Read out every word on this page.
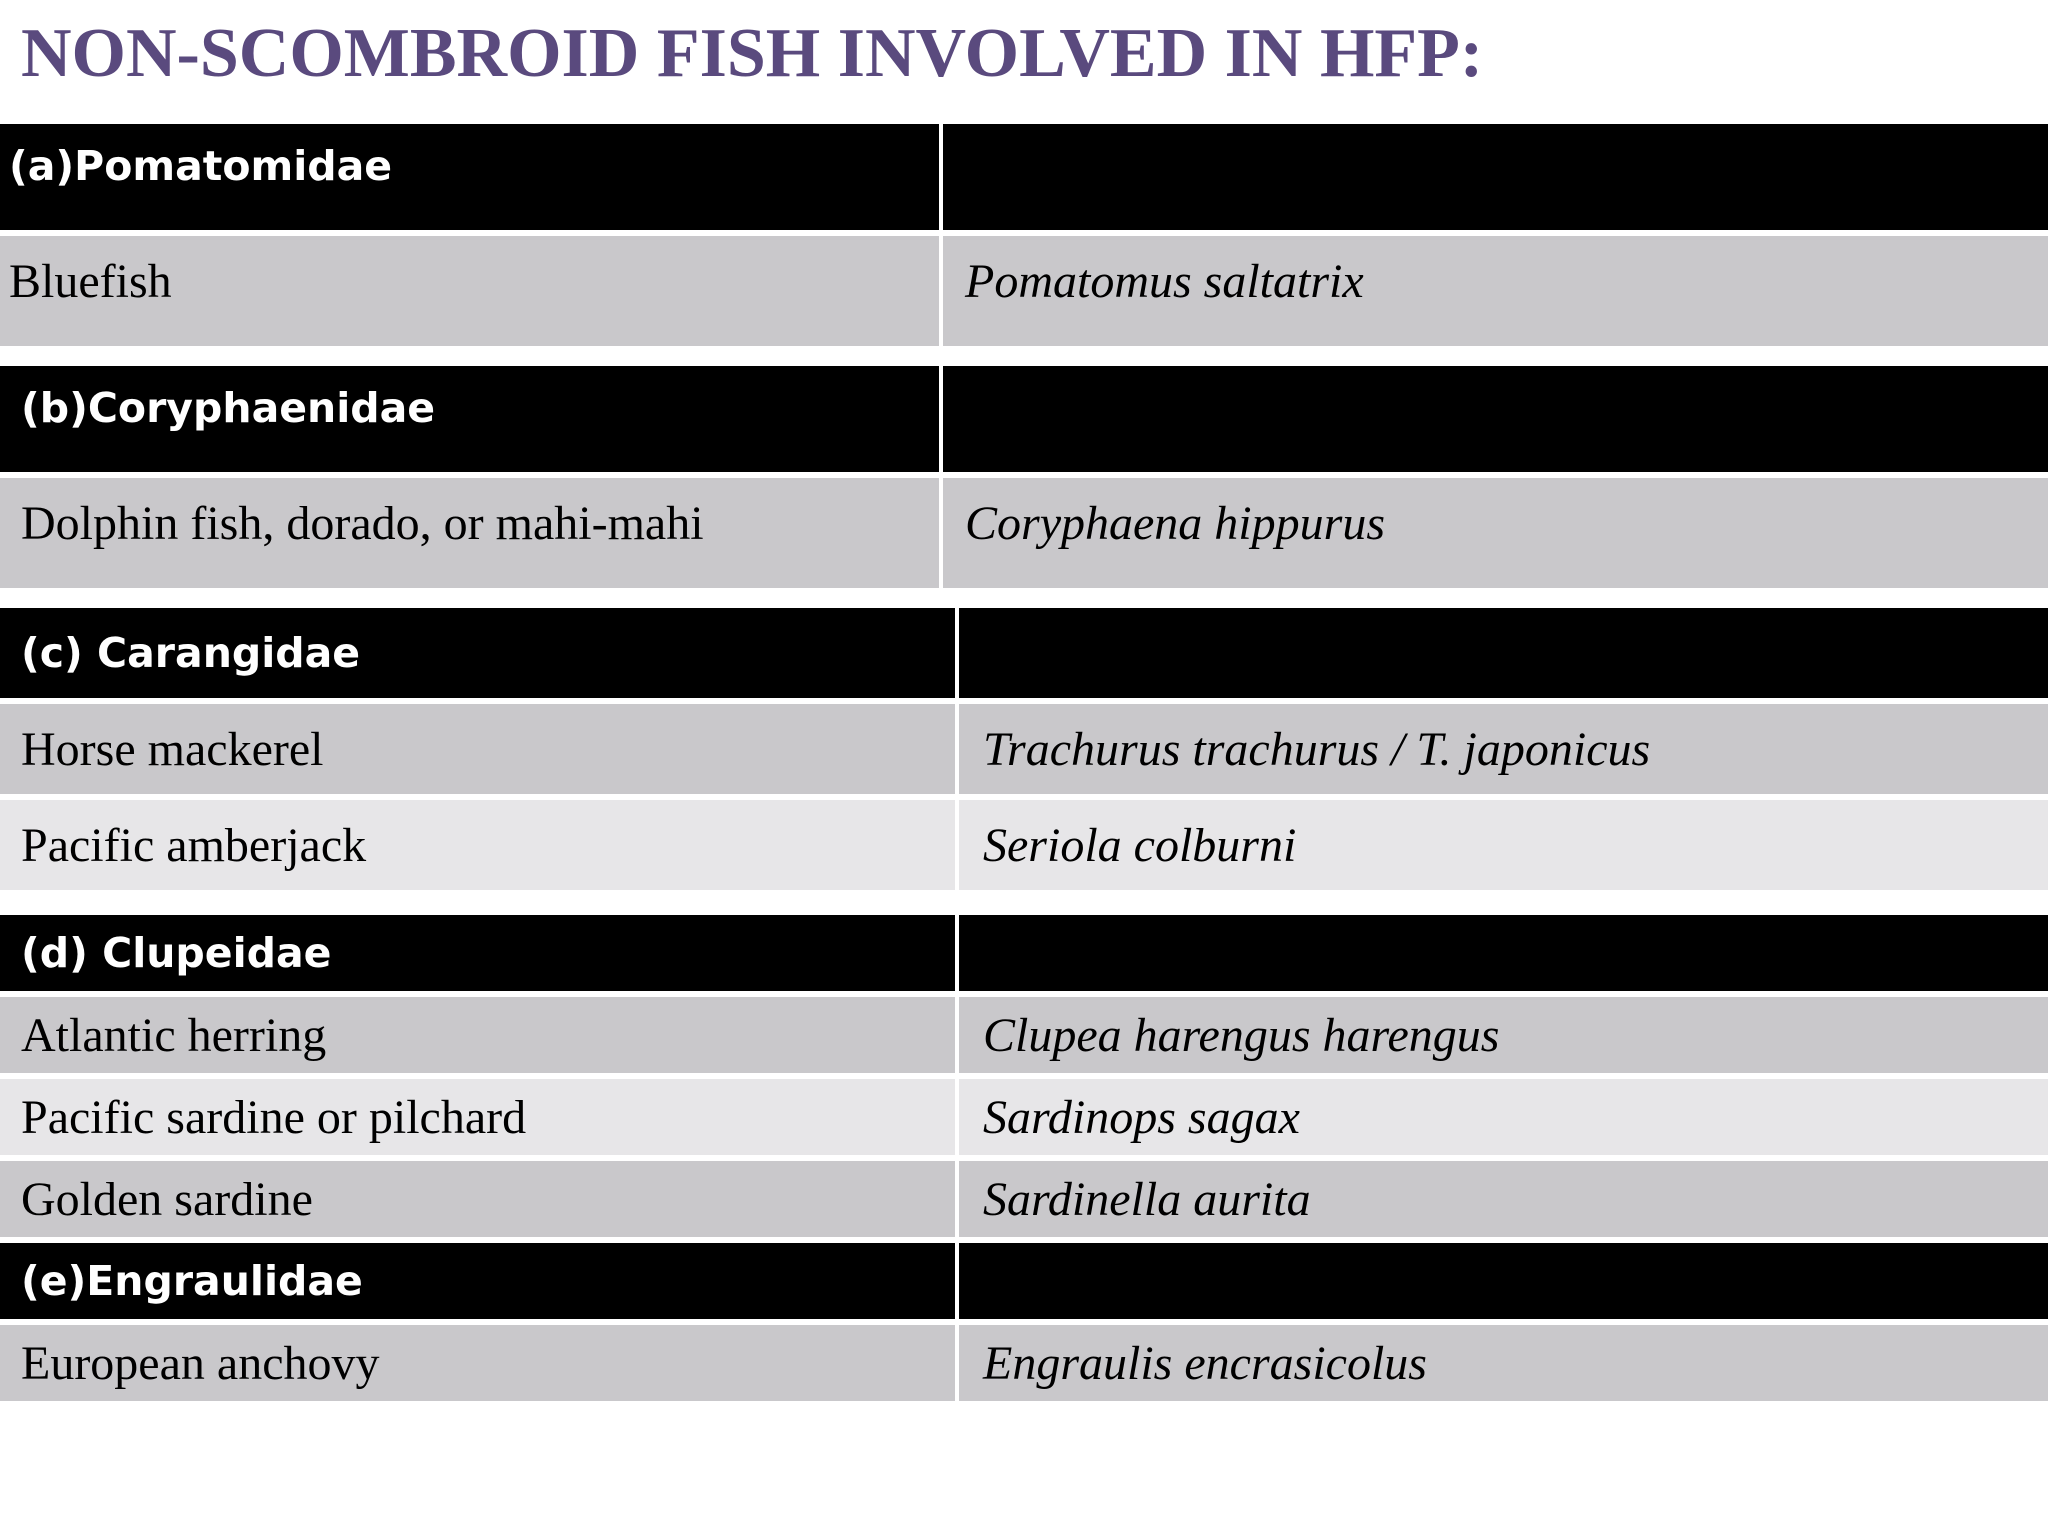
NON-SCOMBROID FISH INVOLVED IN HFP:
(a)Pomatomidae
Bluefish	Pomatomus saltatrix
(b)Coryphaenidae
Dolphin fish, dorado, or mahi-mahi	Coryphaena hippurus
(c) Carangidae
Horse mackerel	Trachurus trachurus / T. japonicus
Pacific amberjack	Seriola colburni
(d) Clupeidae
Atlantic herring	Clupea harengus harengus
Pacific sardine or pilchard	Sardinops sagax
Golden sardine	Sardinella aurita
(e)Engraulidae
European anchovy	Engraulis encrasicolus
